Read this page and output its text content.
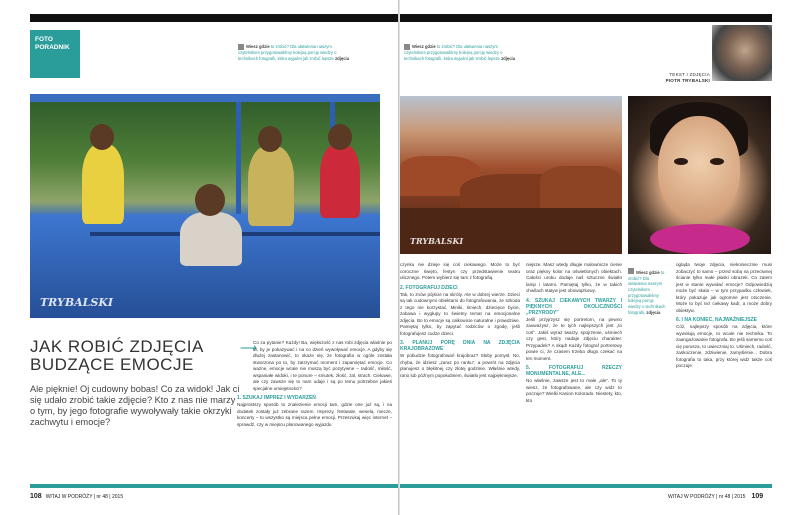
FOTO
PORADNIK	Wiesz gdzie to zrobić? Dla ułatwienia naszym czytelnikom przygotowaliśmy kolejną porcję wiedzy o technikach fotografii, która wyjaśni jak zrobić lepsze zdjęcia
Wiesz gdzie to zrobić? Dla ułatwienia naszym czytelnikom przygotowaliśmy kolejną porcję wiedzy o technikach fotografii, która wyjaśni jak zrobić lepsze zdjęcia
TEKST I ZDJĘCIA
PIOTR TRYBALSKI
TRYBALSKI
TRYBALSKI
JAK ROBIĆ ZDJĘCIA
BUDZĄCE EMOCJE
Ale pięknie! Oj cudowny bobas! Co za widok! Jak ci się udało zrobić takie zdjęcie? Kto z nas nie marzy o tym, by jego fotografie wywoływały takie okrzyki zachwytu i emocje?
⟶

Co za pytanie? Każdy! Ba, większość z nas robi zdjęcia właśnie po to, by je pokazywać i na co dzień wywoływać emocje. A gdyby się dłużej zastanowić, to okaże się, że fotografia w ogóle została stworzona po to, by zatrzymać moment i zapamiętać emocje. Co ważne, emocje wcale nie muszą być pozytywne – radość, miłość, wspaniałe widoki, i te ponure – smutek, złość, żal, strach. Ciekawe, ale czy zawsze się to nam udaje i są po temu potrzebne jakieś specjalne umiejętności?

1. SZUKAJ IMPREZ I WYDARZEŃ

Najprostszy sposób to znalezienie emocji tam, gdzie one już są, i na dodatek zostały już zebrane razem. Imprezy, festiwale, wesela, mecze, koncerty – to wszystko są miejsca pełne emocji. Przeszukaj więc internet – sprawdź, czy w miejscu planowanego wyjazdu

czynku nie dzieje się coś ciekawego. Może to być coroczne święto, festyn czy przedstawienie teatru ulicznego. Potem wybierz się tam z fotografią.

2. FOTOGRAFUJ DZIECI

Tak, to znów pójście na skróty. Ale w dobrej wierze. Dzieci są tak cudownymi obiektami do fotografowania, że szkoda z tego nie korzystać. Miniki, śmiech, dziecięce bycie, zabawa i wygłupy to świetny temat na emocjonalne zdjęcia. Bo to emocje są całkowicie naturalne i prawdziwe. Pamiętaj tylko, by zapytać rodziców o zgodę, jeśli fotografujesz cudze dzieci.

3. PLANUJ PORĘ DNIA NA ZDJĘCIA KRAJOBRAZOWE

W pobudzie fotografowań krajobraz? Słoby pomysł. No, chyba, że idziesz „zaraz po ranku”, a powrót na zdjęcia planujesz o błękitnej czy złotej godzinie. Właśnie wtedy, rano lub późnym popołudniem, światło jest najpiękniejsze.

niejsze. Masz wtedy długie malownicze cienie oraz piękny kolor na oświetlonych obiektach. Całości uroku dodaje naś sztuczne światło lamp i latarni. Pamiętaj tylko, że w takich chwilach statyw jest obowiązkowy.

4. SZUKAJ CIEKAWYCH TWARZY I PIĘKNYCH OKOLICZNOŚCI „PRZYRODY”

Jeśli przyjrzysz się portretom, na pewno zauważysz, że te tych najlepszych jest „to coś”. Jakiś wyraz twarzy, spojrzenie, uśmiech czy gest, który nadaje zdjęciu charakter. Przypadek? A skąd! Każdy fotograf portretowy powie ci, że czasem trzeba długo czekać na ten moment.

5. FOTOGRAFUJ RZECZY MONUMENTALNE, ALE...

No właśnie, zawsze jest to małe „ale”. To ty wiesz, że fotografowane, ale czy widz to poczuje? Wielki Kanion Kolorado. Niestety, kto, kto

Wiesz gdzie to zrobić? Dla ułatwienia naszym czytelnikom przygotowaliśmy kolejną porcję wiedzy o technikach fotografii, zdjęcia

ogląda twoje zdjęcia, niekoniecznie musi zobaczyć to samo – przed sobą na przeciwnej ścianie tylko małe płaski obrazek. Co zatem jest w stanie wywołać emocje? Odpowiedzią może być skala – w tym przypadku człowiek, który pokazuje jak ogromne jest otoczenie. Może to być też ciekawy kadr, a może dobry obiektyw.

6. I NA KONIEC, NAJWAŻNIEJSZE

Cóż, najlepszy sposób na zdjęcia, które wywołują emocje, to wcale nie technika. To zaangażowanie fotografa. Bo jeśli samemu coś cię porusza, to uwieczniaj to. Uśmiech, radość, zaskoczenie, zdziwienie, zamyślenie... Dobra fotografia to taka, przy której widz także coś poczuje.

108 WITAJ W PODRÓŻY | nr 48 | 2015	WITAJ W PODRÓŻY | nr 48 | 2015 109
